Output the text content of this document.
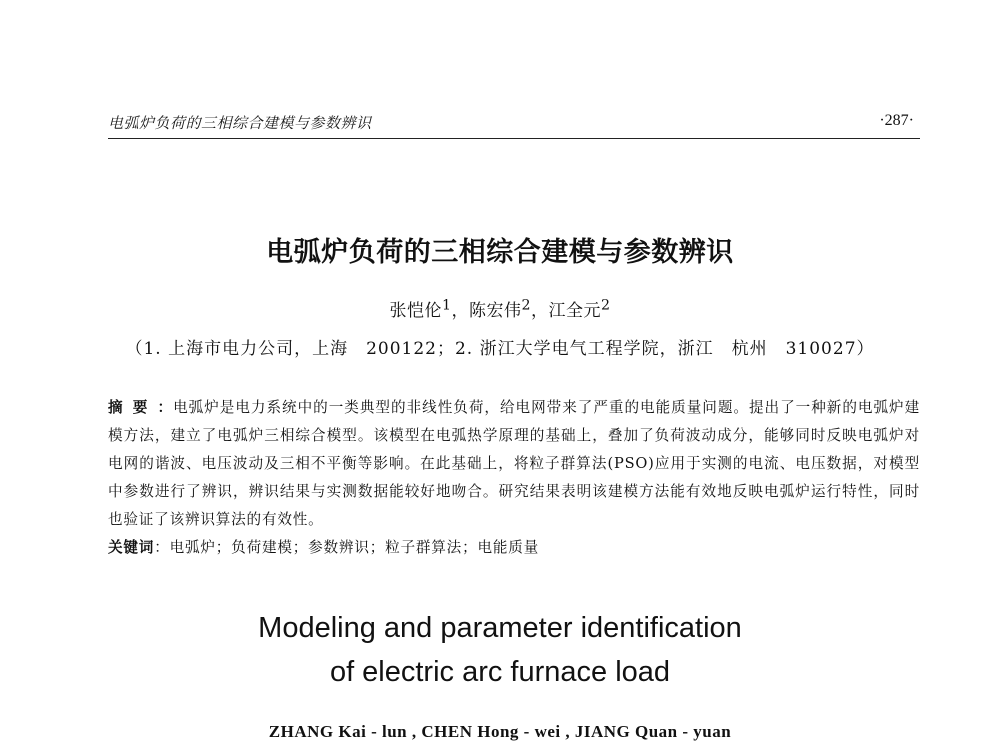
电弧炉负荷的三相综合建模与参数辨识	·287·
电弧炉负荷的三相综合建模与参数辨识
张恺伦$^1$，陈宏伟$^2$，江全元$^2$
（1. 上海市电力公司，上海　200122；2. 浙江大学电气工程学院，浙江　杭州　310027）

摘要：电弧炉是电力系统中的一类典型的非线性负荷，给电网带来了严重的电能质量问题。提出了一种新的电弧炉建模方法，建立了电弧炉三相综合模型。该模型在电弧热学原理的基础上，叠加了负荷波动成分，能够同时反映电弧炉对电网的谐波、电压波动及三相不平衡等影响。在此基础上，将粒子群算法(PSO)应用于实测的电流、电压数据，对模型中参数进行了辨识，辨识结果与实测数据能较好地吻合。研究结果表明该建模方法能有效地反映电弧炉运行特性，同时也验证了该辨识算法的有效性。

关键词：电弧炉；负荷建模；参数辨识；粒子群算法；电能质量

Modeling and parameter identification
of electric arc furnace load
ZHANG Kai - lun , CHEN Hong - wei , JIANG Quan - yuan
